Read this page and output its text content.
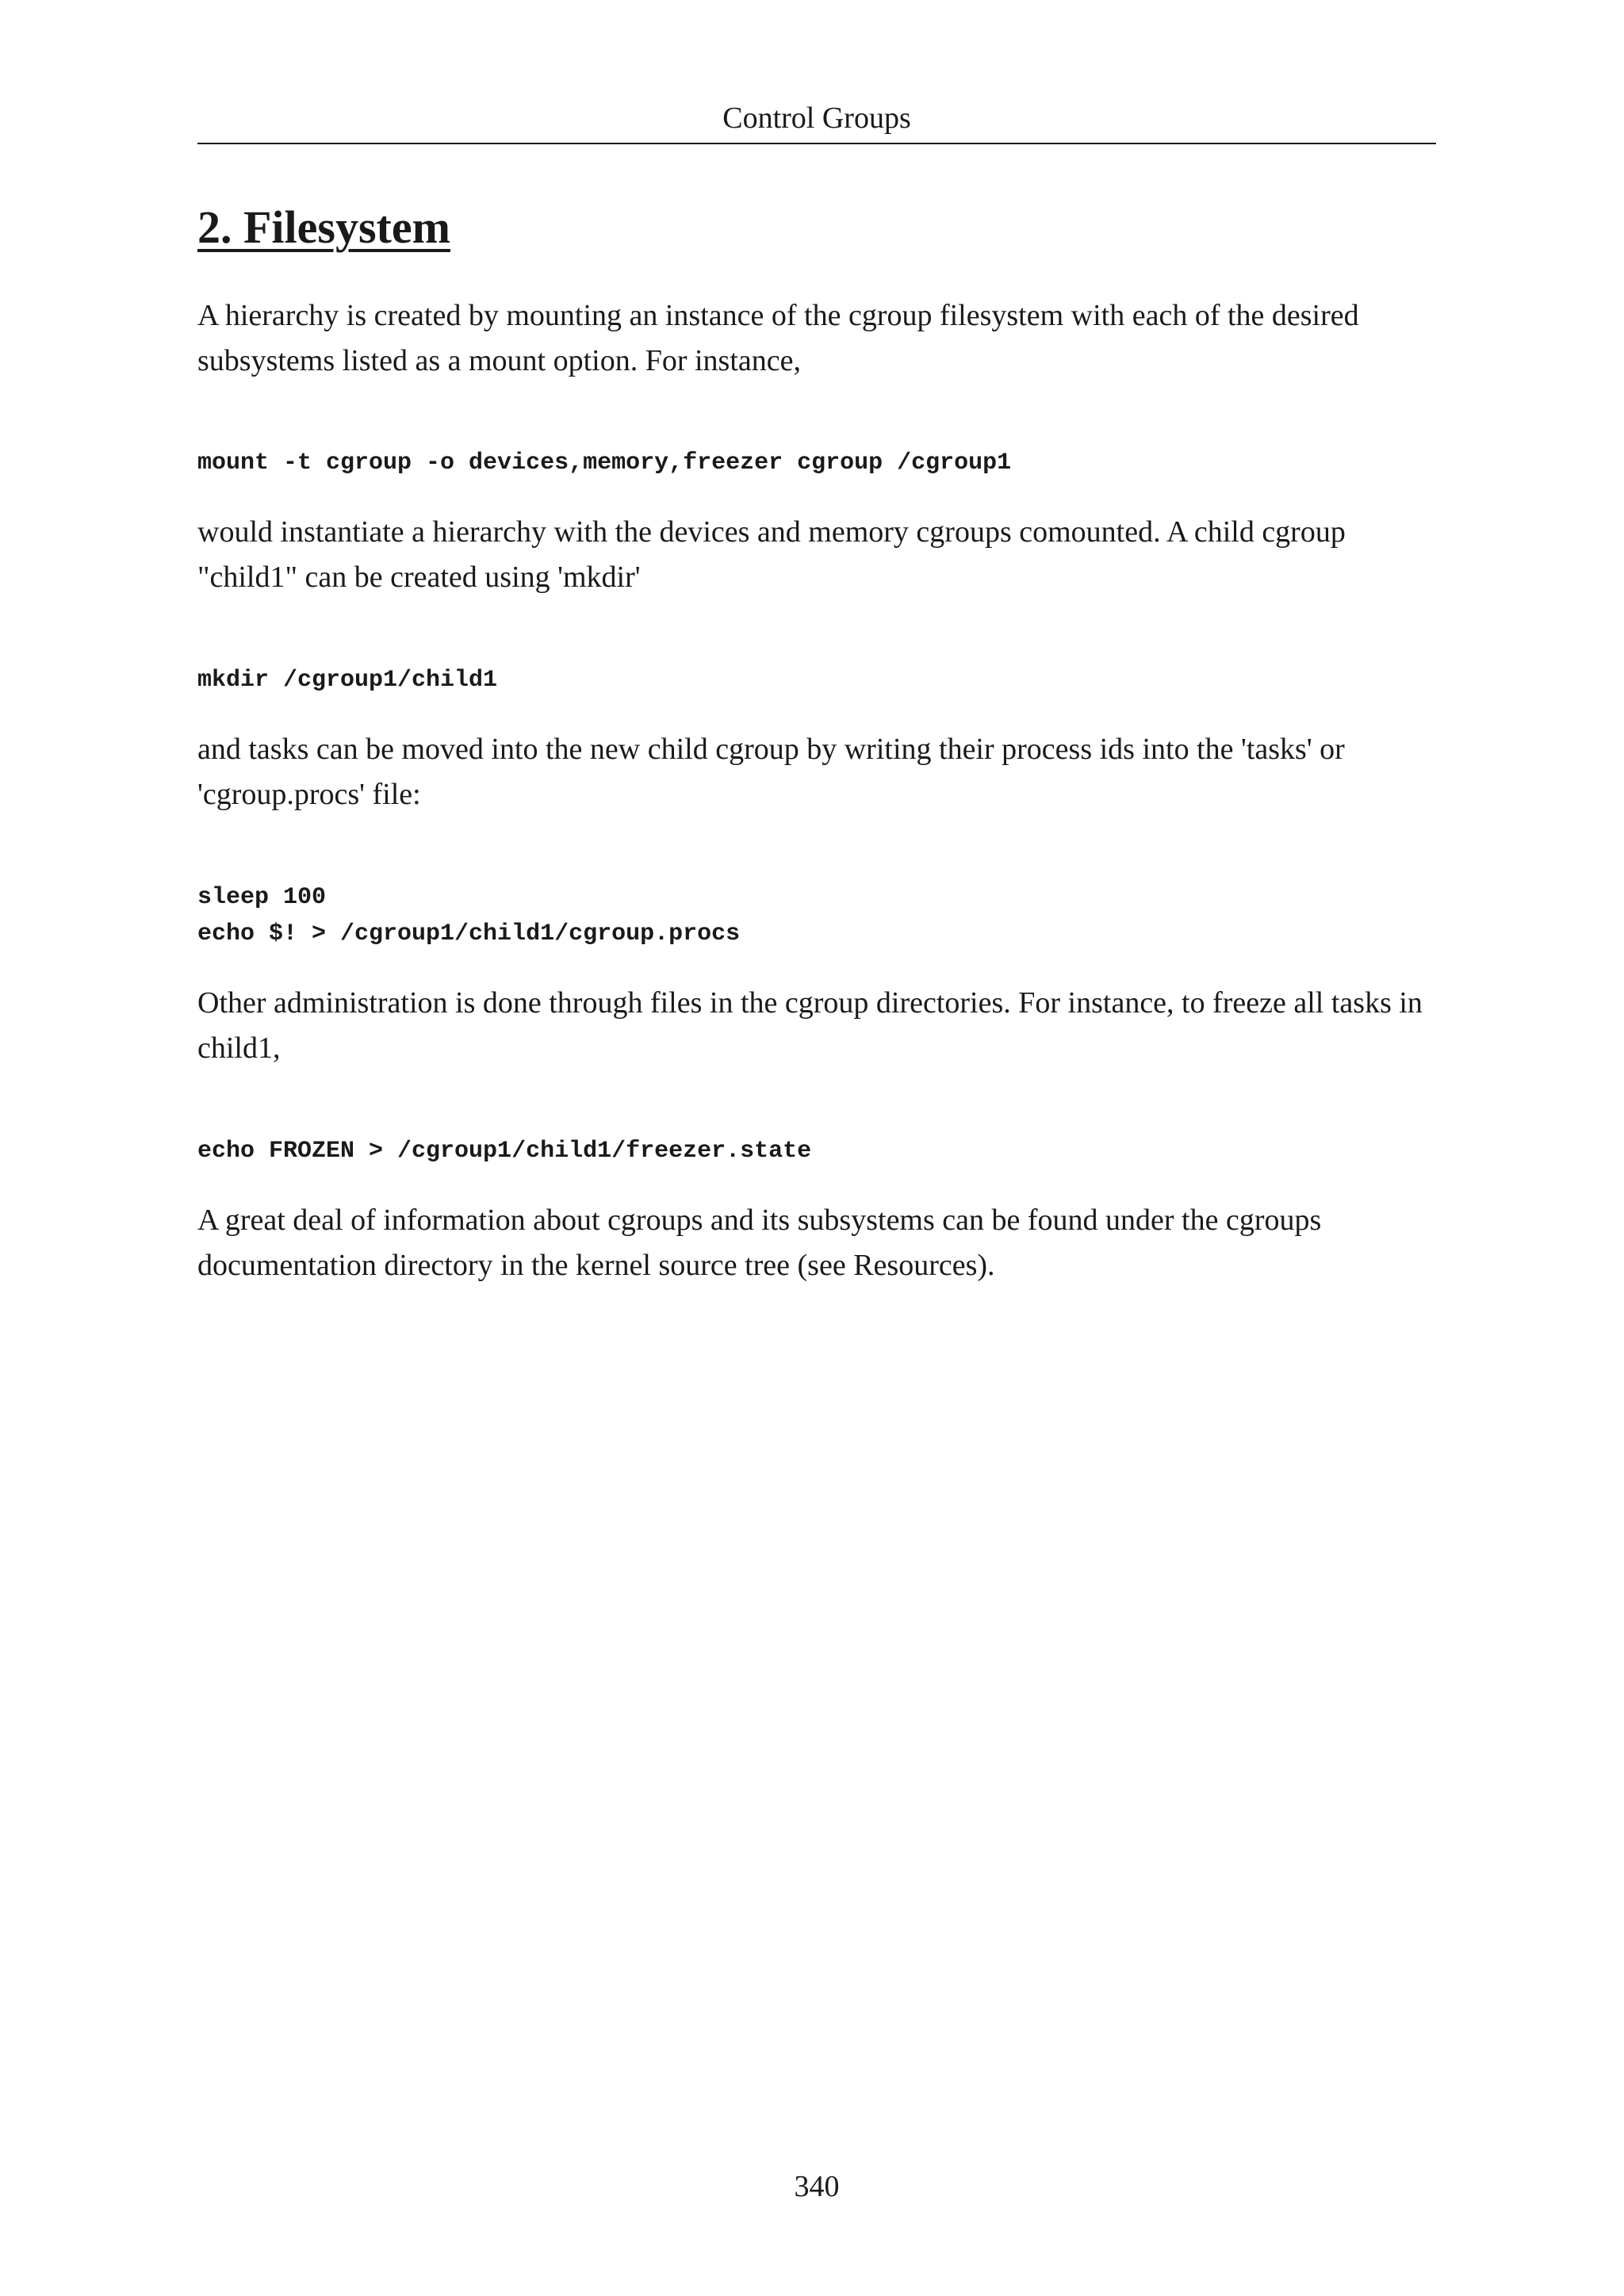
Control Groups
2. Filesystem

A hierarchy is created by mounting an instance of the cgroup filesystem with each of the desired subsystems listed as a mount option. For instance,

mount -t cgroup -o devices,memory,freezer cgroup /cgroup1

would instantiate a hierarchy with the devices and memory cgroups comounted. A child cgroup "child1" can be created using 'mkdir'

mkdir /cgroup1/child1

and tasks can be moved into the new child cgroup by writing their process ids into the 'tasks' or 'cgroup.procs' file:

sleep 100
echo $! > /cgroup1/child1/cgroup.procs

Other administration is done through files in the cgroup directories. For instance, to freeze all tasks in child1,

echo FROZEN > /cgroup1/child1/freezer.state

A great deal of information about cgroups and its subsystems can be found under the cgroups documentation directory in the kernel source tree (see Resources).

340
